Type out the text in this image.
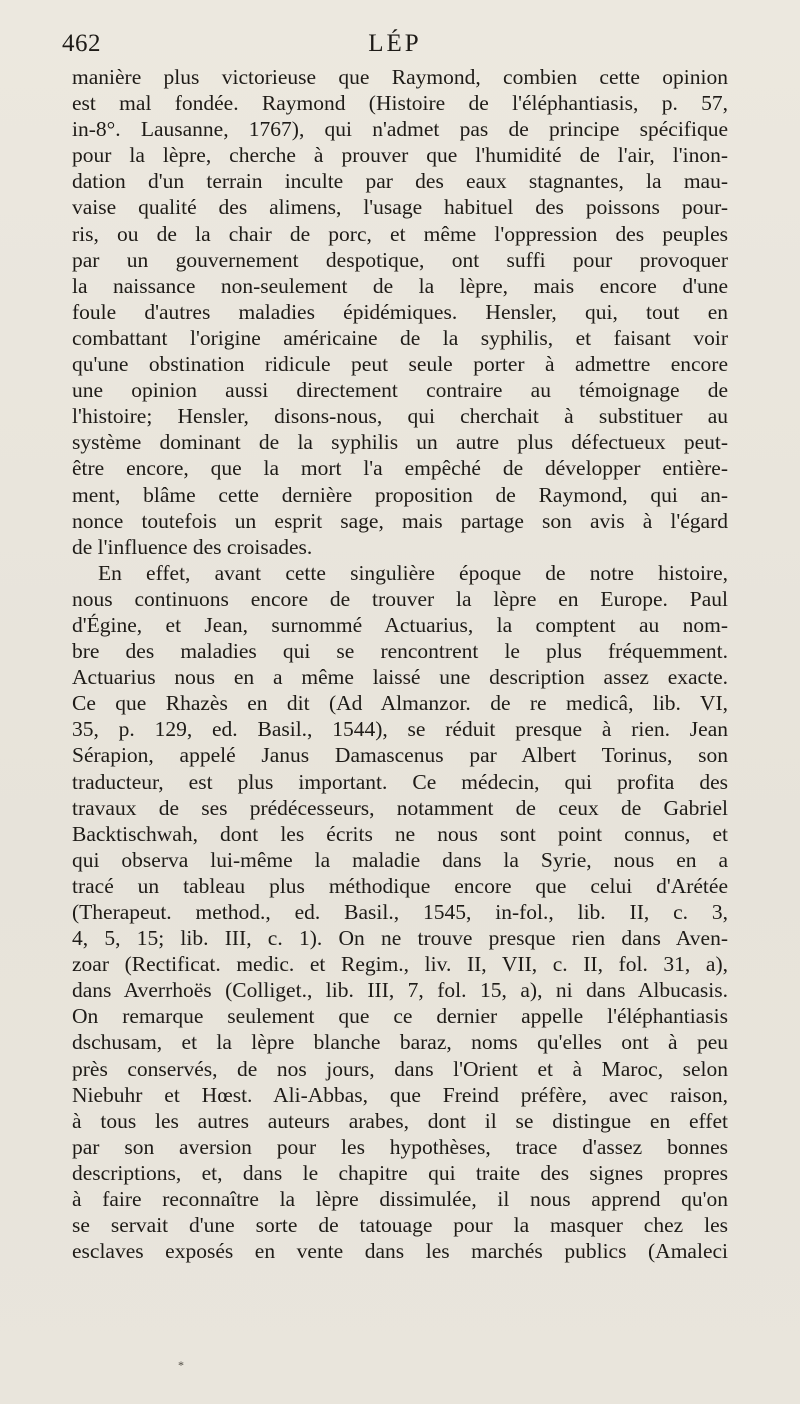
462	LÉP
manière plus victorieuse que Raymond, combien cette opinion
est mal fondée. Raymond (Histoire de l'éléphantiasis, p. 57,
in-8°. Lausanne, 1767), qui n'admet pas de principe spécifique
pour la lèpre, cherche à prouver que l'humidité de l'air, l'inon-
dation d'un terrain inculte par des eaux stagnantes, la mau-
vaise qualité des alimens, l'usage habituel des poissons pour-
ris, ou de la chair de porc, et même l'oppression des peuples
par un gouvernement despotique, ont suffi pour provoquer
la naissance non-seulement de la lèpre, mais encore d'une
foule d'autres maladies épidémiques. Hensler, qui, tout en
combattant l'origine américaine de la syphilis, et faisant voir
qu'une obstination ridicule peut seule porter à admettre encore
une opinion aussi directement contraire au témoignage de
l'histoire; Hensler, disons-nous, qui cherchait à substituer au
système dominant de la syphilis un autre plus défectueux peut-
être encore, que la mort l'a empêché de développer entière-
ment, blâme cette dernière proposition de Raymond, qui an-
nonce toutefois un esprit sage, mais partage son avis à l'égard
de l'influence des croisades.
En effet, avant cette singulière époque de notre histoire,
nous continuons encore de trouver la lèpre en Europe. Paul
d'Égine, et Jean, surnommé Actuarius, la comptent au nom-
bre des maladies qui se rencontrent le plus fréquemment.
Actuarius nous en a même laissé une description assez exacte.
Ce que Rhazès en dit (Ad Almanzor. de re medicâ, lib. VI,
35, p. 129, ed. Basil., 1544), se réduit presque à rien. Jean
Sérapion, appelé Janus Damascenus par Albert Torinus, son
traducteur, est plus important. Ce médecin, qui profita des
travaux de ses prédécesseurs, notamment de ceux de Gabriel
Backtischwah, dont les écrits ne nous sont point connus, et
qui observa lui-même la maladie dans la Syrie, nous en a
tracé un tableau plus méthodique encore que celui d'Arétée
(Therapeut. method., ed. Basil., 1545, in-fol., lib. II, c. 3,
4, 5, 15; lib. III, c. 1). On ne trouve presque rien dans Aven-
zoar (Rectificat. medic. et Regim., liv. II, VII, c. II, fol. 31, a),
dans Averrhoës (Colliget., lib. III, 7, fol. 15, a), ni dans Albucasis.
On remarque seulement que ce dernier appelle l'éléphantiasis
dschusam, et la lèpre blanche baraz, noms qu'elles ont à peu
près conservés, de nos jours, dans l'Orient et à Maroc, selon
Niebuhr et Hœst. Ali-Abbas, que Freind préfère, avec raison,
à tous les autres auteurs arabes, dont il se distingue en effet
par son aversion pour les hypothèses, trace d'assez bonnes
descriptions, et, dans le chapitre qui traite des signes propres
à faire reconnaître la lèpre dissimulée, il nous apprend qu'on
se servait d'une sorte de tatouage pour la masquer chez les
esclaves exposés en vente dans les marchés publics (Amaleci
*
